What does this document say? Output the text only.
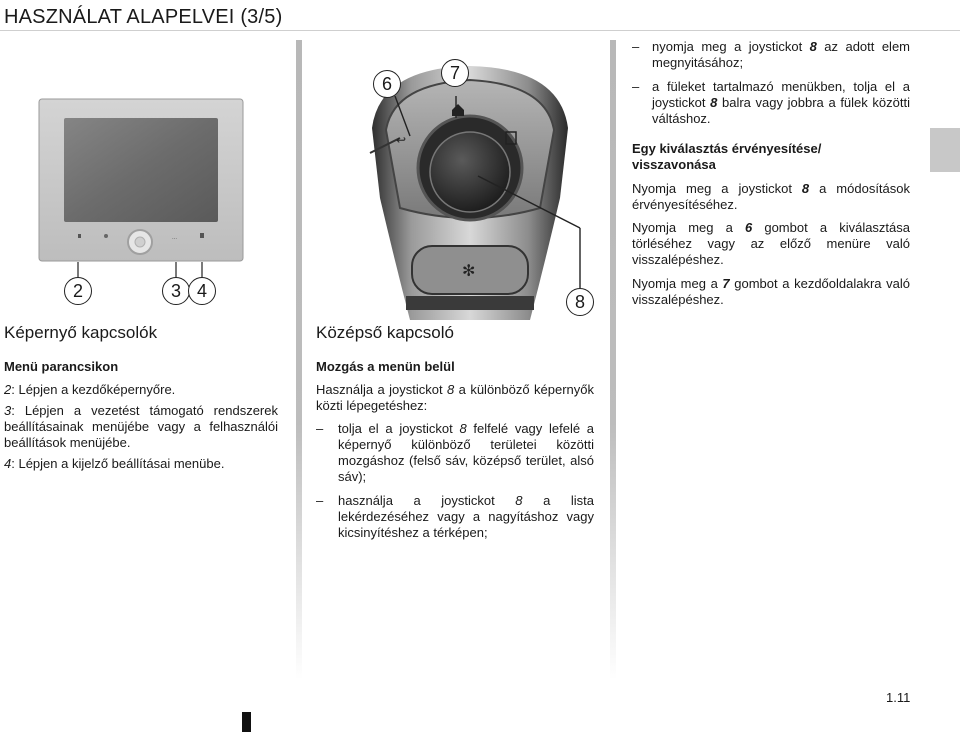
HASZNÁLAT ALAPELVEI (3/5)
...
2	3 4
↩
✻
6
7
8
Képernyő kapcsolók
Menü parancsikon
2: Lépjen a kezdőképernyőre.
3: Lépjen a vezetést támogató rendszerek beállításainak menüjébe vagy a felhasználói beállítások menüjébe.
4: Lépjen a kijelző beállításai menübe.
Középső kapcsoló
Mozgás a menün belül
Használja a joystickot 8 a különböző képernyők közti lépegetéshez:
– tolja el a joystickot 8 felfelé vagy lefelé a képernyő különböző területei közötti mozgáshoz (felső sáv, középső terület, alsó sáv);
– használja a joystickot 8 a lista lekérdezéséhez vagy a nagyításhoz vagy kicsinyítéshez a térképen;
– nyomja meg a joystickot 8 az adott elem megnyitásához;
– a füleket tartalmazó menükben, tolja el a joystickot 8 balra vagy jobbra a fülek közötti váltáshoz.
Egy kiválasztás érvényesítése/ visszavonása
Nyomja meg a joystickot 8 a módosítások érvényesítéséhez.
Nyomja meg a 6 gombot a kiválasztása törléséhez vagy az előző menüre való visszalépéshez.
Nyomja meg a 7 gombot a kezdőoldalakra való visszalépéshez.
1.11
